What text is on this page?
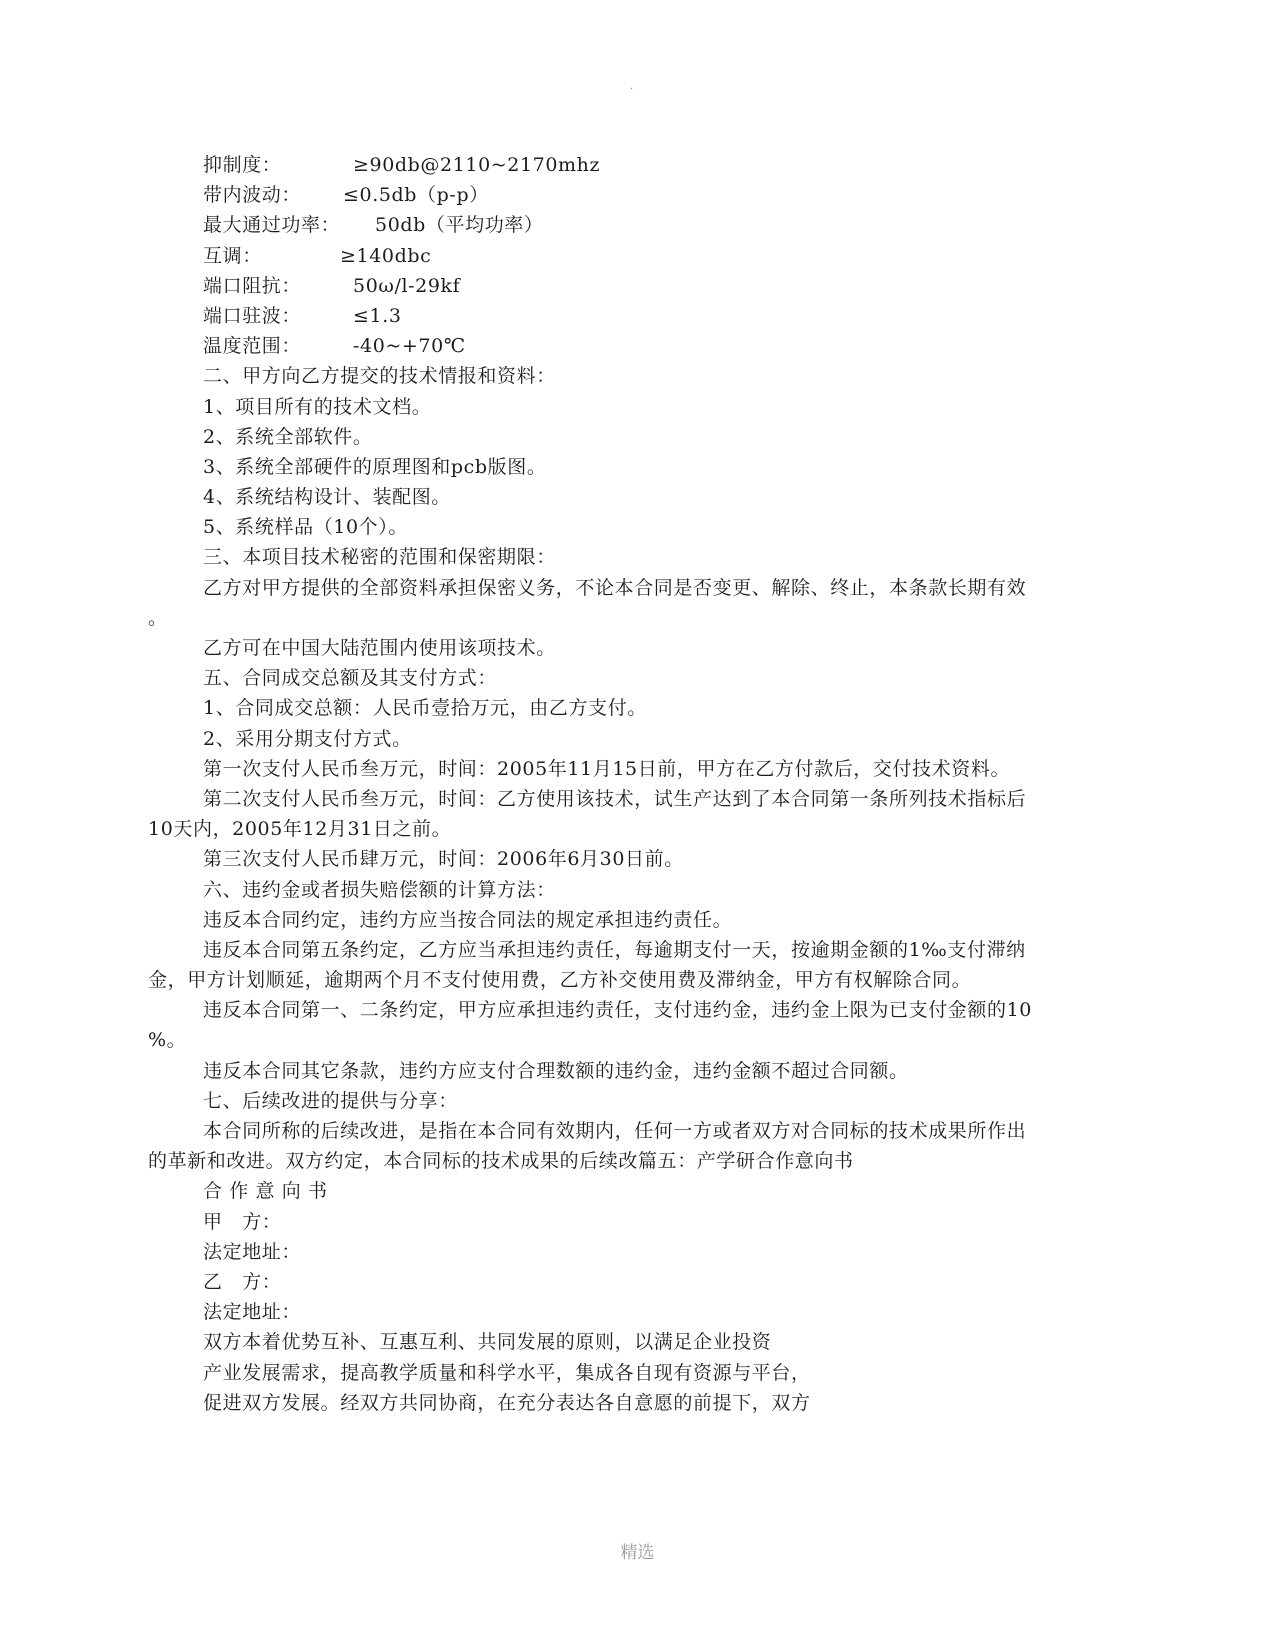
·
抑制度：	≥90db@2110~2170mhz
带内波动：	≤0.5db（p-p）
最大通过功率：	50db（平均功率）
互调：	≥140dbc
端口阻抗：	50ω/l-29kf
端口驻波：	≤1.3
温度范围：	-40~+70℃
二、甲方向乙方提交的技术情报和资料：
1、项目所有的技术文档。
2、系统全部软件。
3、系统全部硬件的原理图和pcb版图。
4、系统结构设计、装配图。
5、系统样品（10个）。
三、本项目技术秘密的范围和保密期限：
乙方对甲方提供的全部资料承担保密义务，不论本合同是否变更、解除、终止，本条款长期有效
。
乙方可在中国大陆范围内使用该项技术。
五、合同成交总额及其支付方式：
1、合同成交总额：人民币壹拾万元，由乙方支付。
2、采用分期支付方式。
第一次支付人民币叁万元，时间：2005年11月15日前，甲方在乙方付款后，交付技术资料。
第二次支付人民币叁万元，时间：乙方使用该技术，试生产达到了本合同第一条所列技术指标后
10天内，2005年12月31日之前。
第三次支付人民币肆万元，时间：2006年6月30日前。
六、违约金或者损失赔偿额的计算方法：
违反本合同约定，违约方应当按合同法的规定承担违约责任。
违反本合同第五条约定，乙方应当承担违约责任，每逾期支付一天，按逾期金额的1‰支付滞纳
金，甲方计划顺延，逾期两个月不支付使用费，乙方补交使用费及滞纳金，甲方有权解除合同。
违反本合同第一、二条约定，甲方应承担违约责任，支付违约金，违约金上限为已支付金额的10
%。
违反本合同其它条款，违约方应支付合理数额的违约金，违约金额不超过合同额。
七、后续改进的提供与分享：
本合同所称的后续改进，是指在本合同有效期内，任何一方或者双方对合同标的技术成果所作出
的革新和改进。双方约定，本合同标的技术成果的后续改篇五：产学研合作意向书
合 作 意 向 书
甲　方：
法定地址：
乙　方：
法定地址：
双方本着优势互补、互惠互利、共同发展的原则，以满足企业投资
产业发展需求，提高教学质量和科学水平，集成各自现有资源与平台，
促进双方发展。经双方共同协商，在充分表达各自意愿的前提下，双方
精选
